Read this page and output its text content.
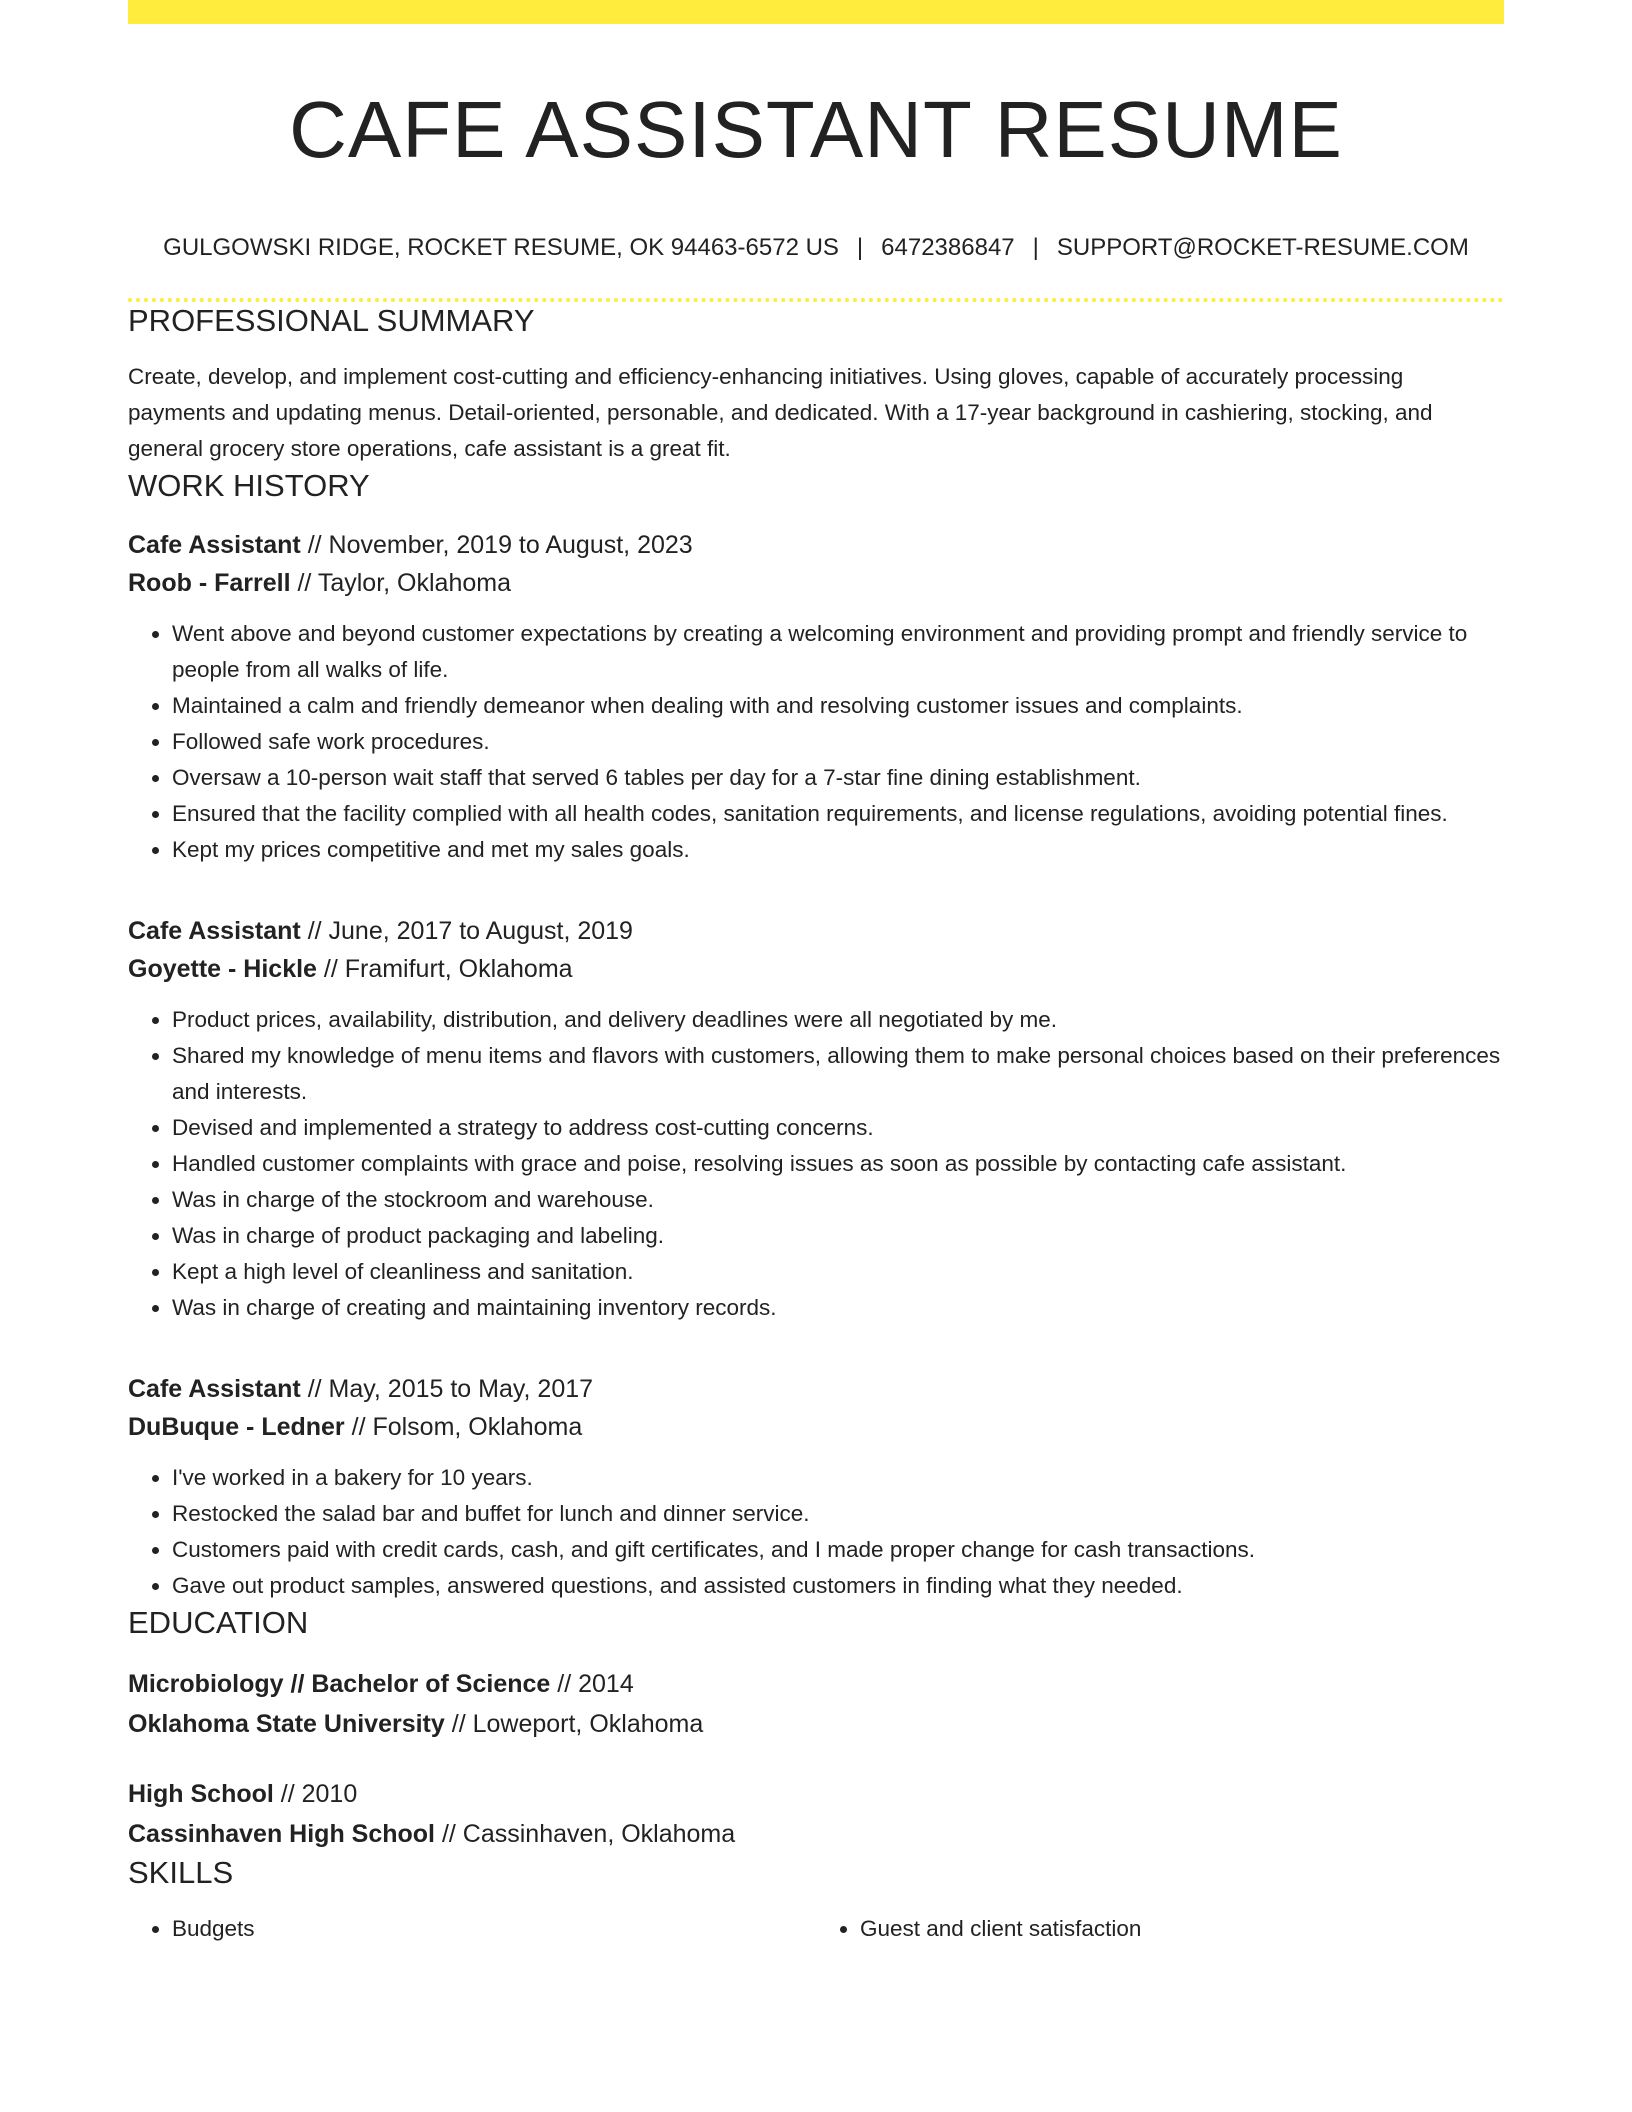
CAFE ASSISTANT RESUME
GULGOWSKI RIDGE, ROCKET RESUME, OK 94463-6572 US | 6472386847 | SUPPORT@ROCKET-RESUME.COM
PROFESSIONAL SUMMARY
Create, develop, and implement cost-cutting and efficiency-enhancing initiatives. Using gloves, capable of accurately processing payments and updating menus. Detail-oriented, personable, and dedicated. With a 17-year background in cashiering, stocking, and general grocery store operations, cafe assistant is a great fit.
WORK HISTORY
Cafe Assistant // November, 2019 to August, 2023
Roob - Farrell // Taylor, Oklahoma
• Went above and beyond customer expectations by creating a welcoming environment and providing prompt and friendly service to people from all walks of life.
• Maintained a calm and friendly demeanor when dealing with and resolving customer issues and complaints.
• Followed safe work procedures.
• Oversaw a 10-person wait staff that served 6 tables per day for a 7-star fine dining establishment.
• Ensured that the facility complied with all health codes, sanitation requirements, and license regulations, avoiding potential fines.
• Kept my prices competitive and met my sales goals.
Cafe Assistant // June, 2017 to August, 2019
Goyette - Hickle // Framifurt, Oklahoma
• Product prices, availability, distribution, and delivery deadlines were all negotiated by me.
• Shared my knowledge of menu items and flavors with customers, allowing them to make personal choices based on their preferences and interests.
• Devised and implemented a strategy to address cost-cutting concerns.
• Handled customer complaints with grace and poise, resolving issues as soon as possible by contacting cafe assistant.
• Was in charge of the stockroom and warehouse.
• Was in charge of product packaging and labeling.
• Kept a high level of cleanliness and sanitation.
• Was in charge of creating and maintaining inventory records.
Cafe Assistant // May, 2015 to May, 2017
DuBuque - Ledner // Folsom, Oklahoma
• I've worked in a bakery for 10 years.
• Restocked the salad bar and buffet for lunch and dinner service.
• Customers paid with credit cards, cash, and gift certificates, and I made proper change for cash transactions.
• Gave out product samples, answered questions, and assisted customers in finding what they needed.
EDUCATION
Microbiology // Bachelor of Science // 2014
Oklahoma State University // Loweport, Oklahoma
High School // 2010
Cassinhaven High School // Cassinhaven, Oklahoma
SKILLS
• Budgets
•	Guest and client satisfaction
